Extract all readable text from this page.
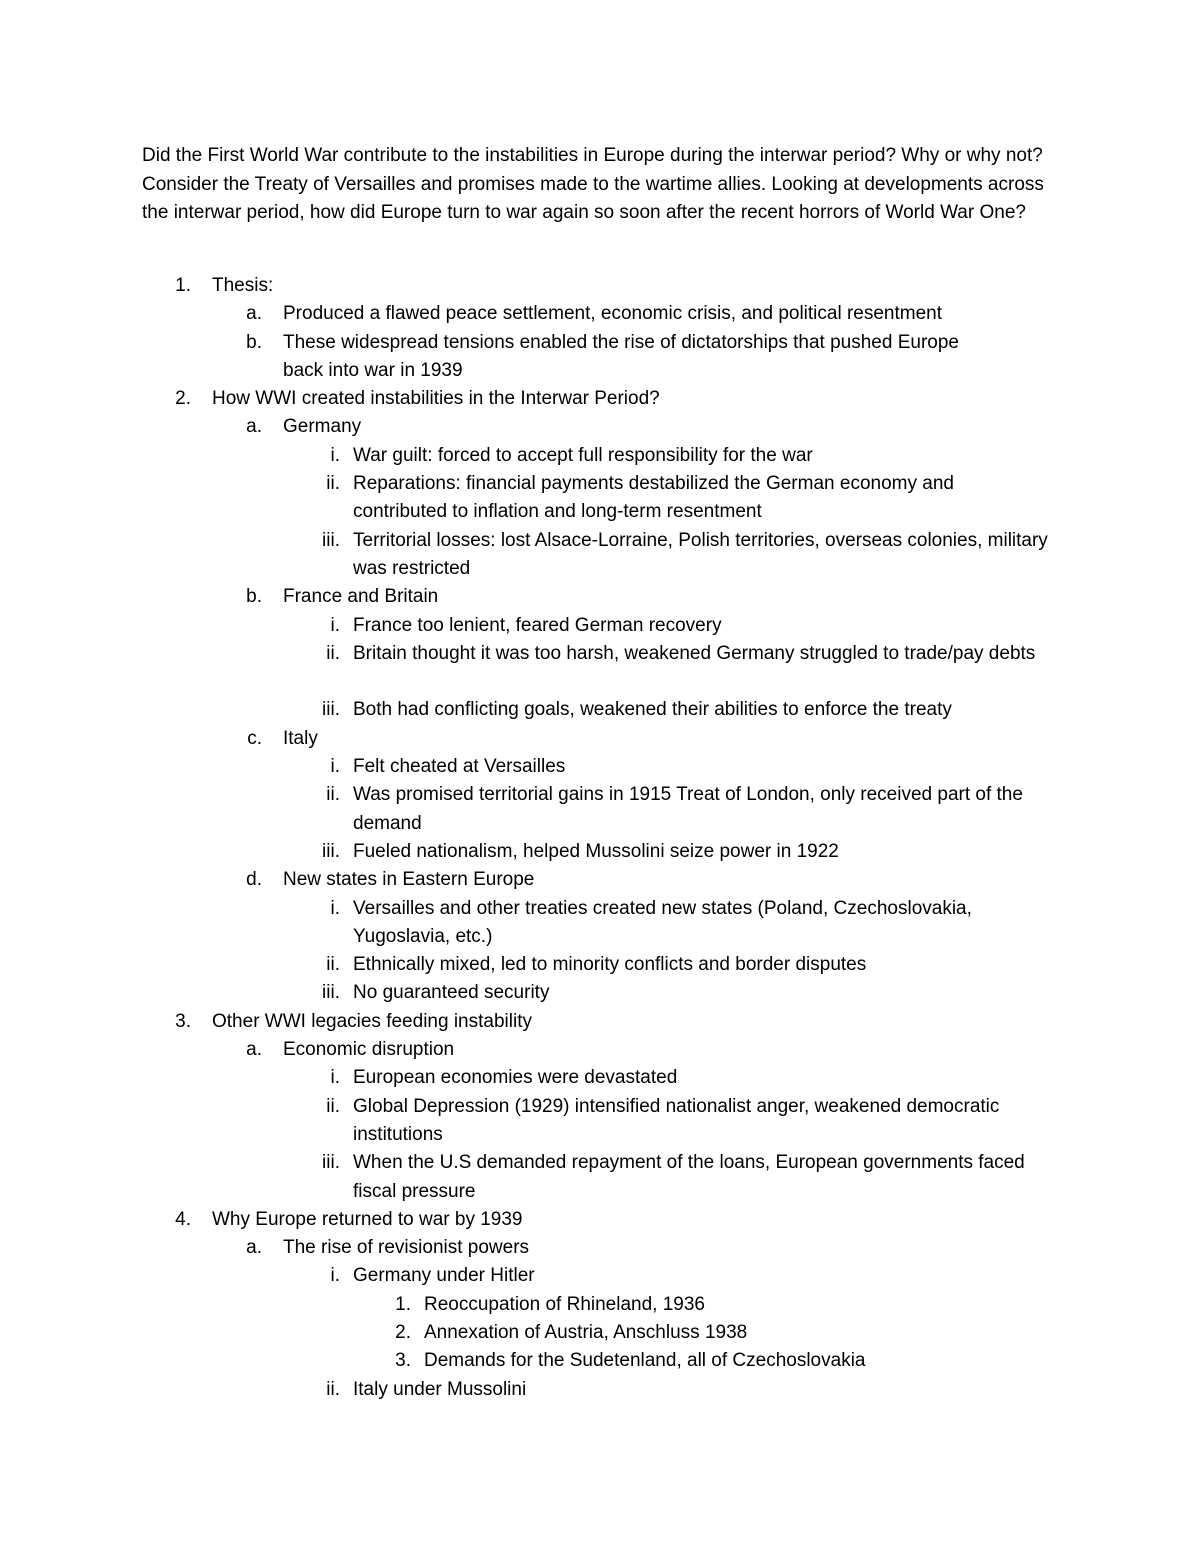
Did the First World War contribute to the instabilities in Europe during the interwar period? Why or why not? Consider the Treaty of Versailles and promises made to the wartime allies. Looking at developments across the interwar period, how did Europe turn to war again so soon after the recent horrors of World War One?

1. Thesis:
a. Produced a flawed peace settlement, economic crisis, and political resentment
b. These widespread tensions enabled the rise of dictatorships that pushed Europe back into war in 1939
2. How WWI created instabilities in the Interwar Period?
a. Germany
i. War guilt: forced to accept full responsibility for the war
ii. Reparations: financial payments destabilized the German economy and contributed to inflation and long-term resentment
iii. Territorial losses: lost Alsace-Lorraine, Polish territories, overseas colonies, military was restricted
b. France and Britain
i. France too lenient, feared German recovery
ii. Britain thought it was too harsh, weakened Germany struggled to trade/pay debts
iii. Both had conflicting goals, weakened their abilities to enforce the treaty
c. Italy
i. Felt cheated at Versailles
ii. Was promised territorial gains in 1915 Treat of London, only received part of the demand
iii. Fueled nationalism, helped Mussolini seize power in 1922
d. New states in Eastern Europe
i. Versailles and other treaties created new states (Poland, Czechoslovakia, Yugoslavia, etc.)
ii. Ethnically mixed, led to minority conflicts and border disputes
iii. No guaranteed security
3. Other WWI legacies feeding instability
a. Economic disruption
i. European economies were devastated
ii. Global Depression (1929) intensified nationalist anger, weakened democratic institutions
iii. When the U.S demanded repayment of the loans, European governments faced fiscal pressure
4. Why Europe returned to war by 1939
a. The rise of revisionist powers
i. Germany under Hitler
1. Reoccupation of Rhineland, 1936
2. Annexation of Austria, Anschluss 1938
3. Demands for the Sudetenland, all of Czechoslovakia
ii. Italy under Mussolini
